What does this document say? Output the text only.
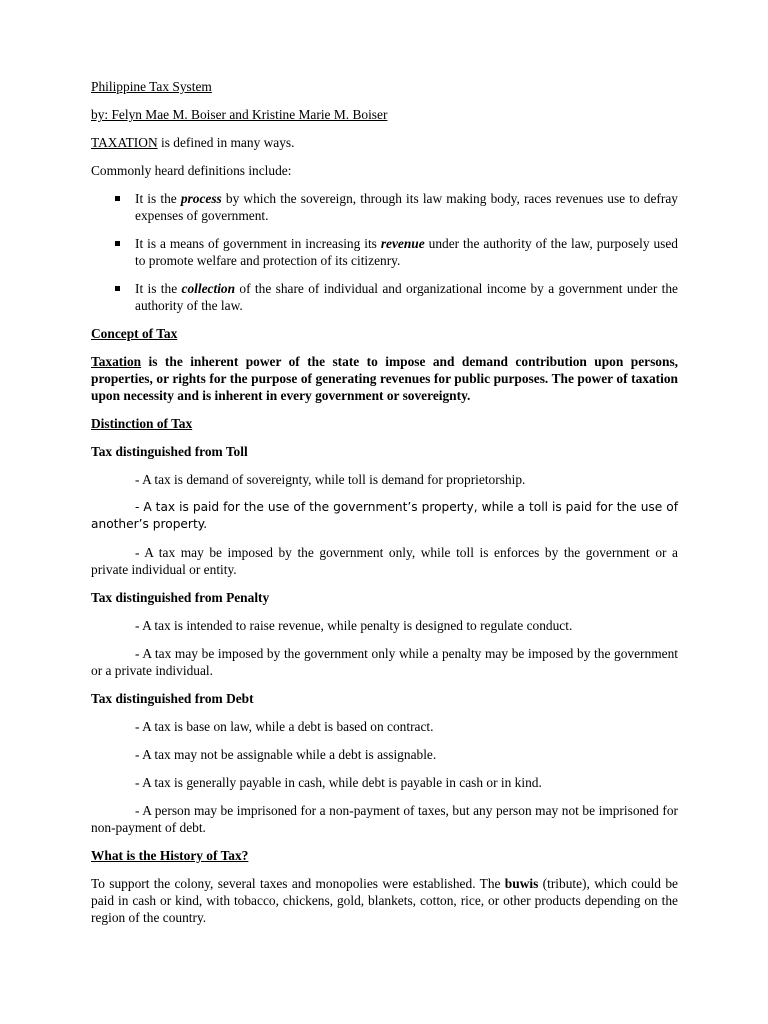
Philippine Tax System

by: Felyn Mae M. Boiser and Kristine Marie M. Boiser

TAXATION is defined in many ways.

Commonly heard definitions include:

It is the process by which the sovereign, through its law making body, races revenues use to defray expenses of government.
It is a means of government in increasing its revenue under the authority of the law, purposely used to promote welfare and protection of its citizenry.
It is the collection of the share of individual and organizational income by a government under the authority of the law.

Concept of Tax

Taxation is the inherent power of the state to impose and demand contribution upon persons, properties, or rights for the purpose of generating revenues for public purposes. The power of taxation upon necessity and is inherent in every government or sovereignty.

Distinction of Tax

Tax distinguished from Toll

- A tax is demand of sovereignty, while toll is demand for proprietorship.

- A tax is paid for the use of the government’s property, while a toll is paid for the use of another’s property.

- A tax may be imposed by the government only, while toll is enforces by the government or a private individual or entity.

Tax distinguished from Penalty

- A tax is intended to raise revenue, while penalty is designed to regulate conduct.

- A tax may be imposed by the government only while a penalty may be imposed by the government or a private individual.

Tax distinguished from Debt

- A tax is base on law, while a debt is based on contract.

- A tax may not be assignable while a debt is assignable.

- A tax is generally payable in cash, while debt is payable in cash or in kind.

- A person may be imprisoned for a non-payment of taxes, but any person may not be imprisoned for non-payment of debt.

What is the History of Tax?

To support the colony, several taxes and monopolies were established. The buwis (tribute), which could be paid in cash or kind, with tobacco, chickens, gold, blankets, cotton, rice, or other products depending on the region of the country.
